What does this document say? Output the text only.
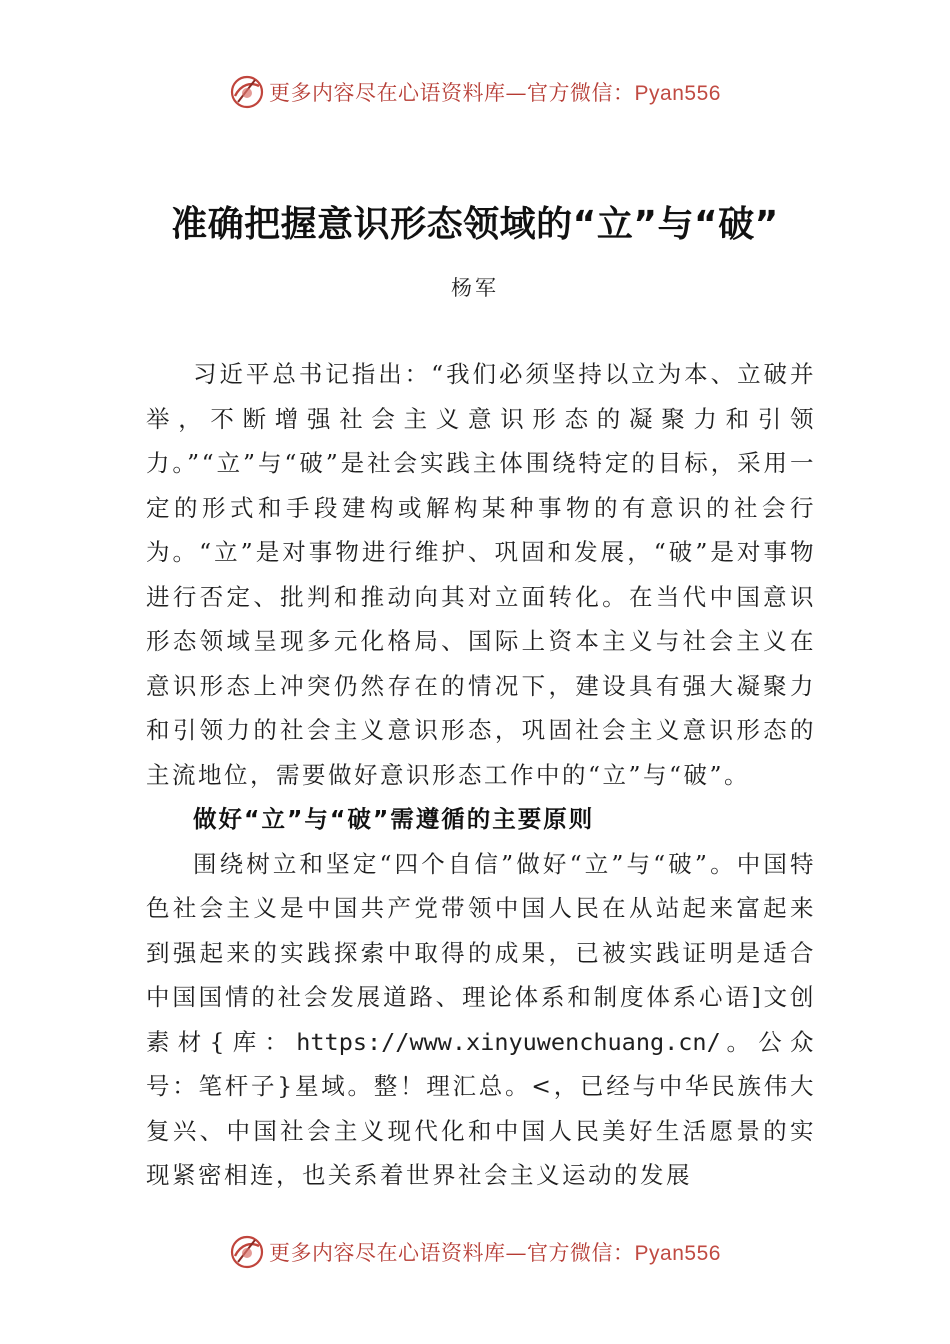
更多内容尽在心语资料库—官方微信：Pyan556
准确把握意识形态领域的“立”与“破”
杨军

习近平总书记指出：“我们必须坚持以立为本、立破并举，不断增强社会主义意识形态的凝聚力和引领力。”“立”与“破”是社会实践主体围绕特定的目标，采用一定的形式和手段建构或解构某种事物的有意识的社会行为。“立”是对事物进行维护、巩固和发展，“破”是对事物进行否定、批判和推动向其对立面转化。在当代中国意识形态领域呈现多元化格局、国际上资本主义与社会主义在意识形态上冲突仍然存在的情况下，建设具有强大凝聚力和引领力的社会主义意识形态，巩固社会主义意识形态的主流地位，需要做好意识形态工作中的“立”与“破”。

做好“立”与“破”需遵循的主要原则

围绕树立和坚定“四个自信”做好“立”与“破”。中国特色社会主义是中国共产党带领中国人民在从站起来富起来到强起来的实践探索中取得的成果，已被实践证明是适合中国国情的社会发展道路、理论体系和制度体系心语]文创素材{库：https://www.xinyuwenchuang.cn/。公众号：笔杆子}星域。整！理汇总。<，已经与中华民族伟大复兴、中国社会主义现代化和中国人民美好生活愿景的实现紧密相连，也关系着世界社会主义运动的发展

更多内容尽在心语资料库—官方微信：Pyan556
